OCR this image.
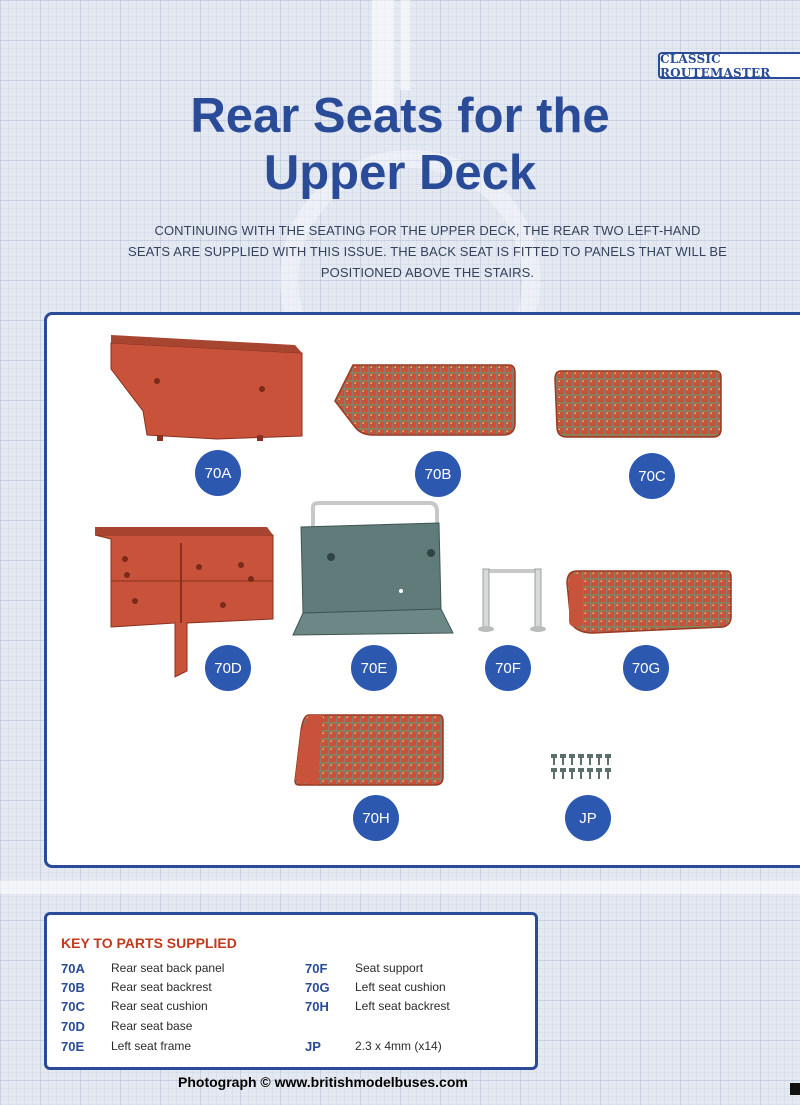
CLASSIC ROUTEMASTER
Rear Seats for the
Upper Deck

CONTINUING WITH THE SEATING FOR THE UPPER DECK, THE REAR TWO LEFT-HAND
SEATS ARE SUPPLIED WITH THIS ISSUE. THE BACK SEAT IS FITTED TO PANELS THAT WILL BE
POSITIONED ABOVE THE STAIRS.

70A	70B	70C
70D	70E	70F	70G
70H	JP
KEY TO PARTS SUPPLIED
70A Rear seat back panel
70B Rear seat backrest
70C Rear seat cushion
70D Rear seat base
70E Left seat frame
70F Seat support
70G Left seat cushion
70H Left seat backrest
JP	2.3 x 4mm (x14)
Photograph © www.britishmodelbuses.com
